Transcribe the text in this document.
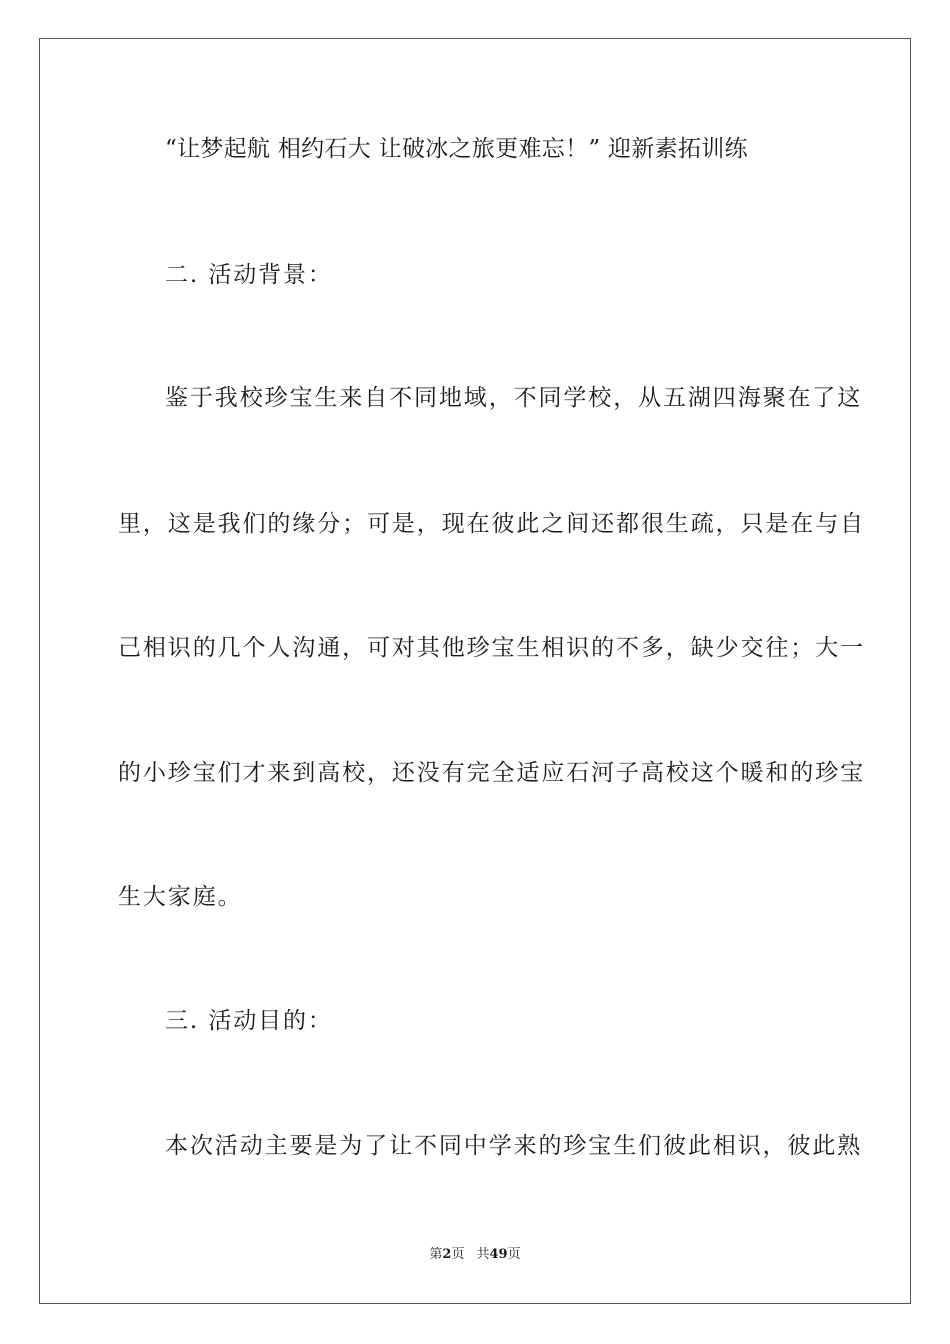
“让梦起航 相约石大 让破冰之旅更难忘！” 迎新素拓训练
二. 活动背景：
鉴于我校珍宝生来自不同地域，不同学校，从五湖四海聚在了这
里，这是我们的缘分；可是，现在彼此之间还都很生疏，只是在与自
己相识的几个人沟通，可对其他珍宝生相识的不多，缺少交往；大一
的小珍宝们才来到高校，还没有完全适应石河子高校这个暖和的珍宝
生大家庭。
三. 活动目的：
本次活动主要是为了让不同中学来的珍宝生们彼此相识，彼此熟
第2页 共49页
